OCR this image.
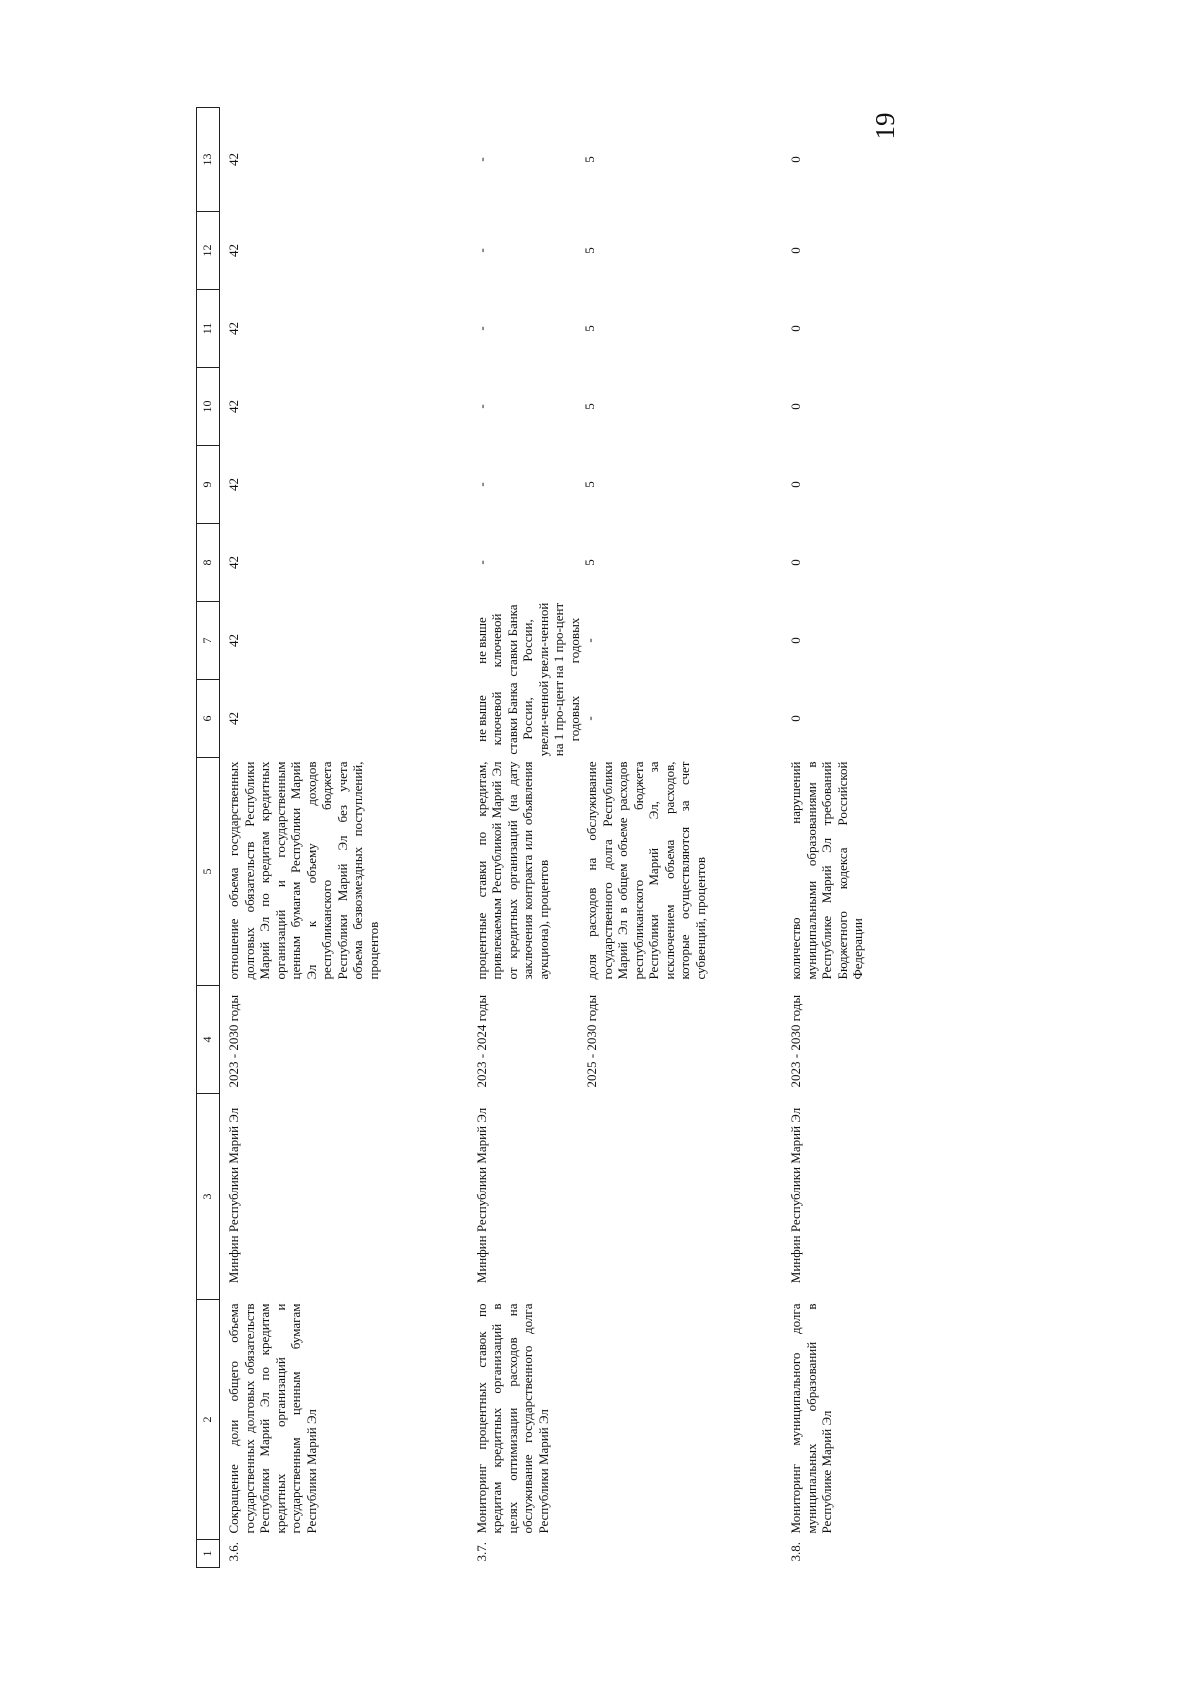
19
1	2	3	4	5	6	7	8	9	10	11	12	13
3.6.	Сокращение доли общего объема государственных долговых обязательств Республики Марий Эл по кредитам кредитных организаций и государственным ценным бумагам Республики Марий Эл	Минфин Республики Марий Эл	2023 - 2030 годы	отношение объема государственных долговых обязательств Республики Марий Эл по кредитам кредитных организаций и государственным ценным бумагам Республики Марий Эл к объему доходов республиканского бюджета Республики Марий Эл без учета объема безвозмездных поступлений, процентов	42	42	42	42	42	42	42	42
3.7.	Мониторинг процентных ставок по кредитам кредитных организаций в целях оптимизации расходов на обслуживание государственного долга Республики Марий Эл	Минфин Республики Марий Эл	2023 - 2024 годы	процентные ставки по кредитам, привлекаемым Республикой Марий Эл от кредитных организаций (на дату заключения контракта или объявления аукциона), процентов	не выше ключевой ставки Банка России, увели-ченной на 1 про-цент годовых	не выше ключевой ставки Банка России, увели-ченной на 1 про-цент годовых	-	-	-	-	-	-
			2025 - 2030 годы	доля расходов на обслуживание государственного долга Республики Марий Эл в общем объеме расходов республиканского бюджета Республики Марий Эл, за исключением объема расходов, которые осуществляются за счет субвенций, процентов	-	-	5	5	5	5	5	5
3.8.	Мониторинг муниципального долга муниципальных образований в Республике Марий Эл	Минфин Республики Марий Эл	2023 - 2030 годы	количество нарушений муниципальными образованиями в Республике Марий Эл требований Бюджетного кодекса Российской Федерации	0	0	0	0	0	0	0	0
